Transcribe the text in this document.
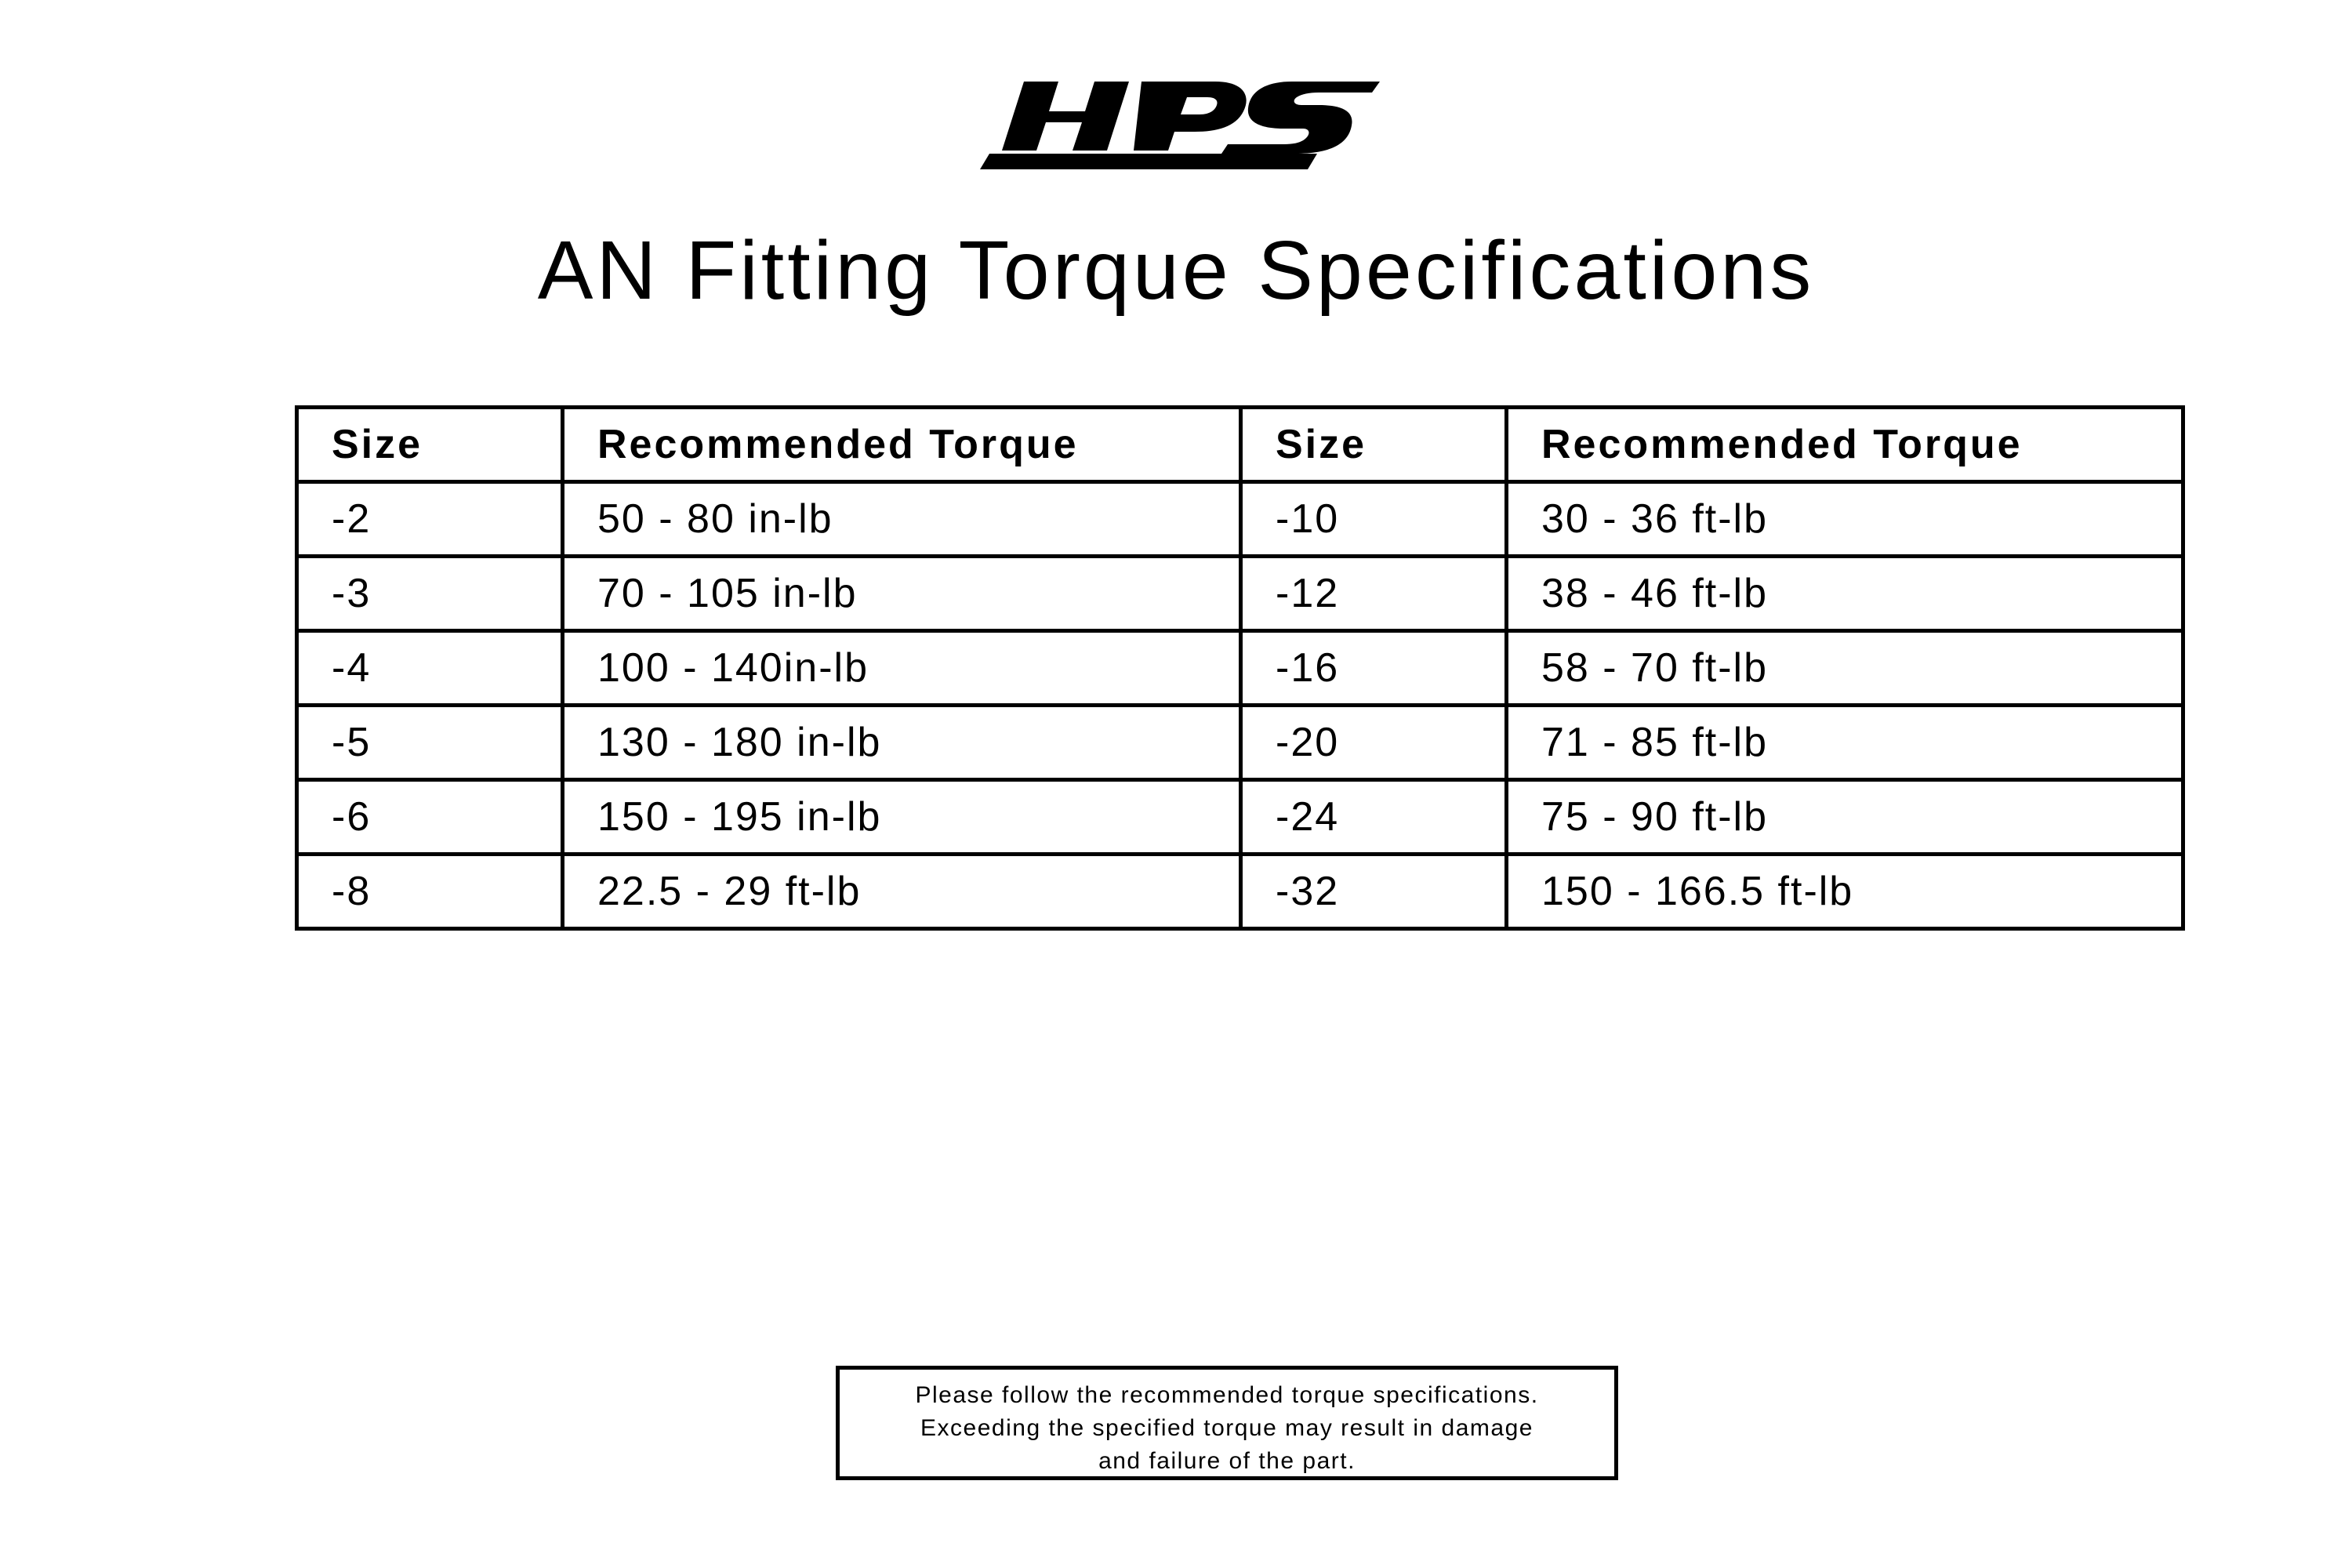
AN Fitting Torque Specifications
Size	Recommended Torque	Size	Recommended Torque
-2	50 - 80 in-lb	-10	30 - 36 ft-lb
-3	70 - 105 in-lb	-12	38 - 46 ft-lb
-4	100 - 140in-lb	-16	58 - 70 ft-lb
-5	130 - 180 in-lb	-20	71 - 85 ft-lb
-6	150 - 195 in-lb	-24	75 - 90 ft-lb
-8	22.5 - 29 ft-lb	-32	150 - 166.5 ft-lb
Please follow the recommended torque specifications.
Exceeding the specified torque may result in damage
and failure of the part.
